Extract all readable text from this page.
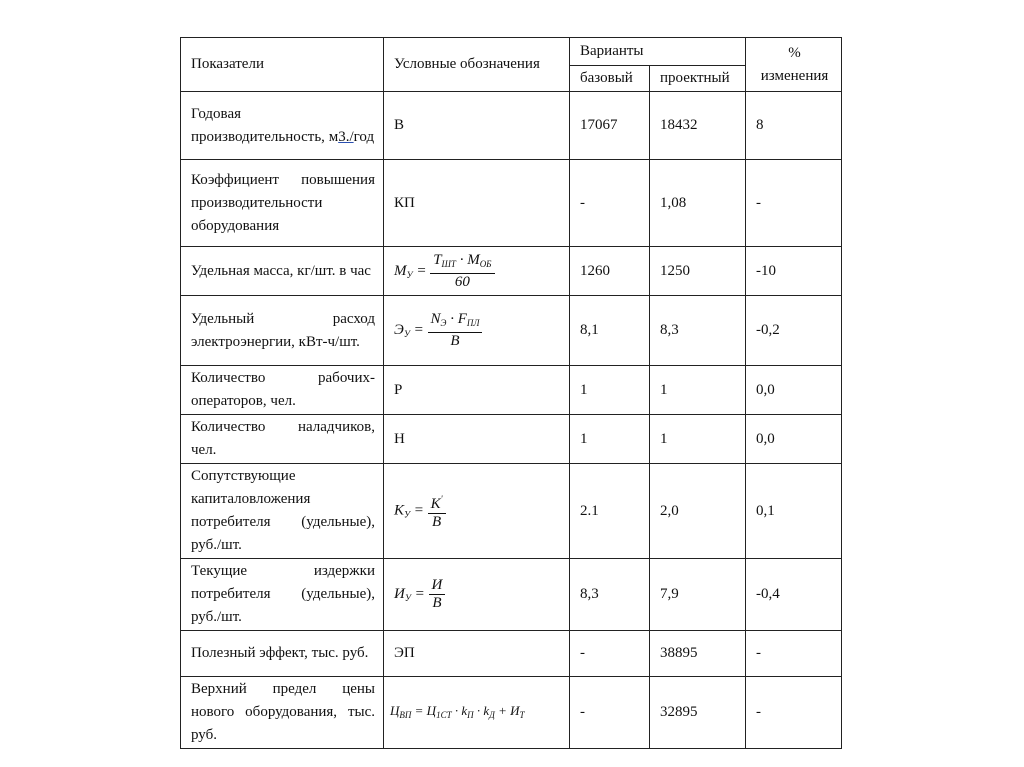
Показатели	Условные обозначения	Варианты		%
изменения

		базовый	проектный	
Годовая производительность, м3./год	В	17067	18432	8
Коэффициент повышения производительности оборудования	КП	-	1,08	-
Удельная масса, кг/шт. в час	$М_У = \frac{Т_{ШТ} \cdot М_{ОБ}}{60}$	1260	1250	-10
Удельный расход электроэнергии, кВт-ч/шт.	$Э_У = \frac{N_Э \cdot F_{ПЛ}}{В}$	8,1	8,3	-0,2
Количество рабочих-операторов, чел.	Р	1	1	0,0
Количество наладчиков, чел.	Н	1	1	0,0
Сопутствующие капиталовложения потребителя (удельные), руб./шт.	$К_У = \frac{К'}{В}$	2.1	2,0	0,1
Текущие издержки потребителя (удельные), руб./шт.	$И_У = \frac{И}{В}$	8,3	7,9	-0,4
Полезный эффект, тыс. руб.	ЭП	-	38895	-
Верхний предел цены нового оборудования, тыс. руб.	$Ц_{ВП} = Ц_{1СТ} \cdot k_П \cdot k_Д + И_Т$	-	32895	-
